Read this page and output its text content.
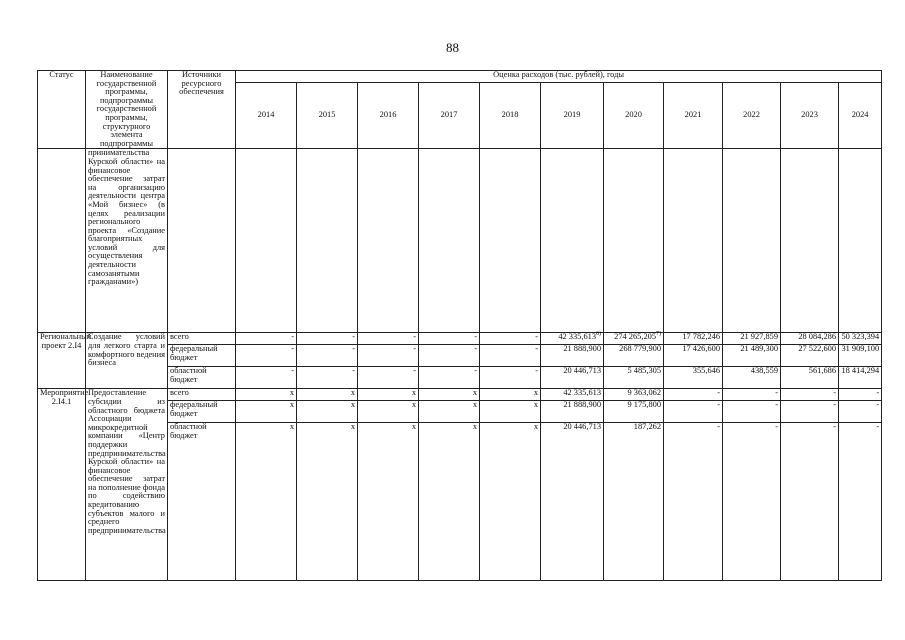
88
Статус	Наименование государственной программы, подпрограммы государственной программы, структурного элемента подпрограммы	Источники ресурсного обеспечения	Оценка расходов (тыс. рублей), годы										
			2014	2015	2016	2017	2018	2019	2020	2021	2022	2023	2024
	принимательства Курской области» на финансовое обеспечение затрат на организацию деятельности центра «Мой бизнес» (в целях реализации регионального проекта «Создание благоприятных условий для осуществления деятельности самозанятыми гражданами»)												
Региональный проект 2.I4	Создание условий для легкого старта и комфортного ведения бизнеса	всего	-	-	-	-	-	42 335,613$^{6)}$	274 265,205$^{7)}$	17 782,246	21 927,859	28 084,286	50 323,394
		федеральный бюджет	-	-	-	-	-	21 888,900	268 779,900	17 426,600	21 489,300	27 522,600	31 909,100
		областной бюджет	-	-	-	-	-	20 446,713	5 485,305	355,646	438,559	561,686	18 414,294
Мероприятие 2.I4.1	Предоставление субсидии из областного бюджета Ассоциации микрокредитной компании «Центр поддержки предпринимательства Курской области» на финансовое обеспечение затрат на пополнение фонда по содействию кредитованию субъектов малого и среднего предпринимательства	всего	x	x	x	x	x	42 335,613	9 363,062	-	-	-	-
		федеральный бюджет	x	x	x	x	x	21 888,900	9 175,800	-	-	-	-
		областной бюджет	x	x	x	x	x	20 446,713	187,262	-	-	-	-
